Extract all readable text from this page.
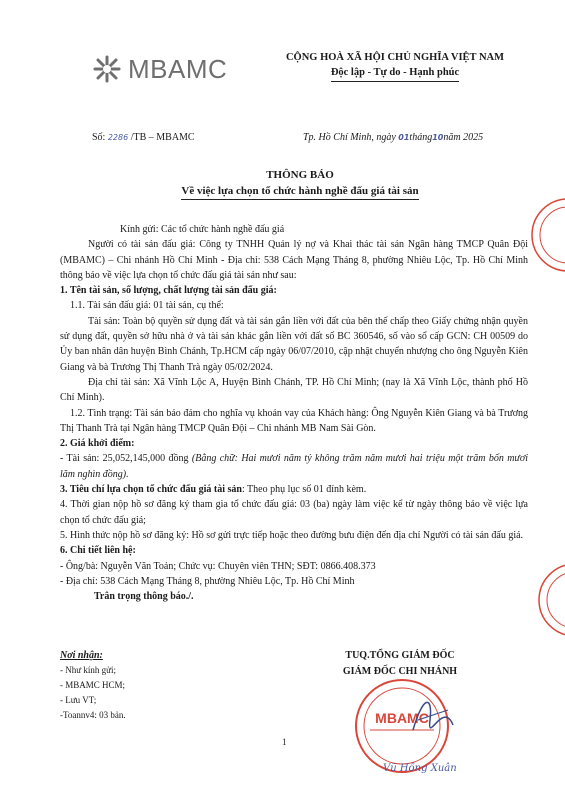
MBAMC	CỘNG HOÀ XÃ HỘI CHỦ NGHĨA VIỆT NAM
Độc lập - Tự do - Hạnh phúc
Số: 2286 /TB – MBAMC	Tp. Hồ Chí Minh, ngày 01tháng10năm 2025
THÔNG BÁO
Về việc lựa chọn tổ chức hành nghề đấu giá tài sản

Kính gửi: Các tổ chức hành nghề đấu giá

Người có tài sản đấu giá: Công ty TNHH Quản lý nợ và Khai thác tài sản Ngân hàng TMCP Quân Đội (MBAMC) – Chi nhánh Hồ Chí Minh - Địa chỉ: 538 Cách Mạng Tháng 8, phường Nhiêu Lộc, Tp. Hồ Chí Minh thông báo về việc lựa chọn tổ chức đấu giá tài sản như sau:

1. Tên tài sản, số lượng, chất lượng tài sản đấu giá:

1.1. Tài sản đấu giá: 01 tài sản, cụ thể:

Tài sản: Toàn bộ quyền sử dụng đất và tài sản gắn liền với đất của bên thế chấp theo Giấy chứng nhận quyền sử dụng đất, quyền sở hữu nhà ở và tài sản khác gắn liền với đất số BC 360546, số vào sổ cấp GCN: CH 00509 do Ủy ban nhân dân huyện Bình Chánh, Tp.HCM cấp ngày 06/07/2010, cập nhật chuyển nhượng cho ông Nguyễn Kiên Giang và bà Trương Thị Thanh Trà ngày 05/02/2024.

Địa chỉ tài sản: Xã Vĩnh Lộc A, Huyện Bình Chánh, TP. Hồ Chí Minh; (nay là Xã Vĩnh Lộc, thành phố Hồ Chí Minh).

1.2. Tình trạng: Tài sản bảo đảm cho nghĩa vụ khoản vay của Khách hàng: Ông Nguyễn Kiên Giang và bà Trương Thị Thanh Trà tại Ngân hàng TMCP Quân Đội – Chi nhánh MB Nam Sài Gòn.

2. Giá khởi điểm:

- Tài sản: 25,052,145,000 đồng (Bằng chữ: Hai mươi năm tỷ không trăm năm mươi hai triệu một trăm bốn mươi lăm nghìn đồng).

3. Tiêu chí lựa chọn tổ chức đấu giá tài sản: Theo phụ lục số 01 đính kèm.

4. Thời gian nộp hồ sơ đăng ký tham gia tổ chức đấu giá: 03 (ba) ngày làm việc kể từ ngày thông báo về việc lựa chọn tổ chức đấu giá;

5. Hình thức nộp hồ sơ đăng ký: Hồ sơ gửi trực tiếp hoặc theo đường bưu điện đến địa chỉ Người có tài sản đấu giá.

6. Chi tiết liên hệ:

- Ông/bà: Nguyễn Văn Toản; Chức vụ: Chuyên viên THN; SĐT: 0866.408.373

- Địa chỉ: 538 Cách Mạng Tháng 8, phường Nhiêu Lộc, Tp. Hồ Chí Minh

Trân trọng thông báo./.

Nơi nhận:
- Như kính gửi;
- MBAMC HCM;
- Lưu VT;
-Toannv4: 03 bản.
TUQ.TỔNG GIÁM ĐỐC
GIÁM ĐỐC CHI NHÁNH
MBAMC
1
Vũ Hồng Xuân
